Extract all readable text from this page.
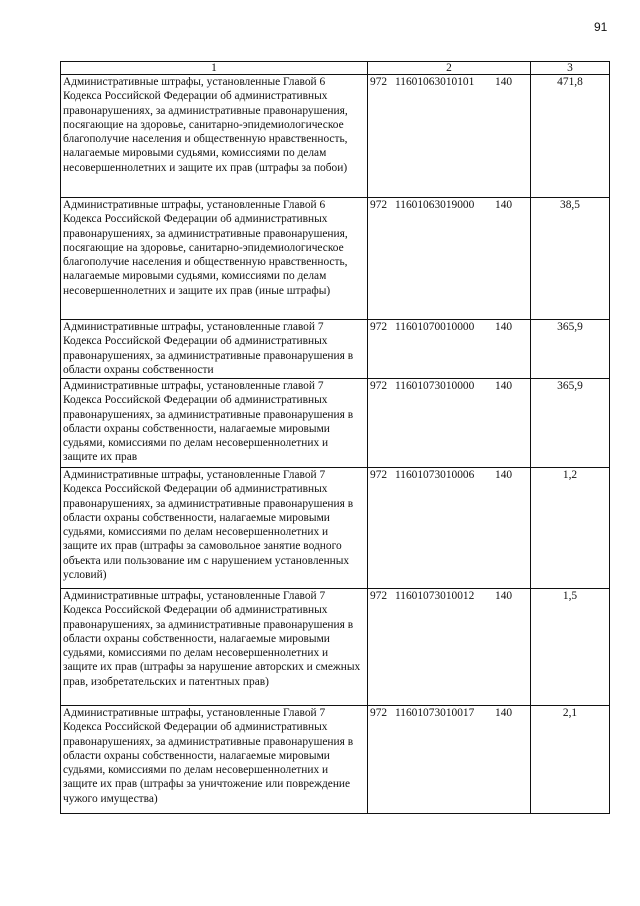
91
1	2	3
Административные штрафы, установленные Главой 6 Кодекса Российской Федерации об административных правонарушениях, за административные правонарушения, посягающие на здоровье, санитарно-эпидемиологическое благополучие населения и общественную нравственность, налагаемые мировыми судьями, комиссиями по делам несовершеннолетних и защите их прав (штрафы за побои)	972 11601063010101 140	471,8
Административные штрафы, установленные Главой 6 Кодекса Российской Федерации об административных правонарушениях, за административные правонарушения, посягающие на здоровье, санитарно-эпидемиологическое благополучие населения и общественную нравственность, налагаемые мировыми судьями, комиссиями по делам несовершеннолетних и защите их прав (иные штрафы)	972 11601063019000 140	38,5
Административные штрафы, установленные главой 7 Кодекса Российской Федерации об административных правонарушениях, за административные правонарушения в области охраны собственности	972 11601070010000 140	365,9
Административные штрафы, установленные главой 7 Кодекса Российской Федерации об административных правонарушениях, за административные правонарушения в области охраны собственности, налагаемые мировыми судьями, комиссиями по делам несовершеннолетних и защите их прав	972 11601073010000 140	365,9
Административные штрафы, установленные Главой 7 Кодекса Российской Федерации об административных правонарушениях, за административные правонарушения в области охраны собственности, налагаемые мировыми судьями, комиссиями по делам несовершеннолетних и защите их прав (штрафы за самовольное занятие водного объекта или пользование им с нарушением установленных условий)	972 11601073010006 140	1,2
Административные штрафы, установленные Главой 7 Кодекса Российской Федерации об административных правонарушениях, за административные правонарушения в области охраны собственности, налагаемые мировыми судьями, комиссиями по делам несовершеннолетних и защите их прав (штрафы за нарушение авторских и смежных прав, изобретательских и патентных прав)	972 11601073010012 140	1,5
Административные штрафы, установленные Главой 7 Кодекса Российской Федерации об административных правонарушениях, за административные правонарушения в области охраны собственности, налагаемые мировыми судьями, комиссиями по делам несовершеннолетних и защите их прав (штрафы за уничтожение или повреждение чужого имущества)	972 11601073010017 140	2,1
